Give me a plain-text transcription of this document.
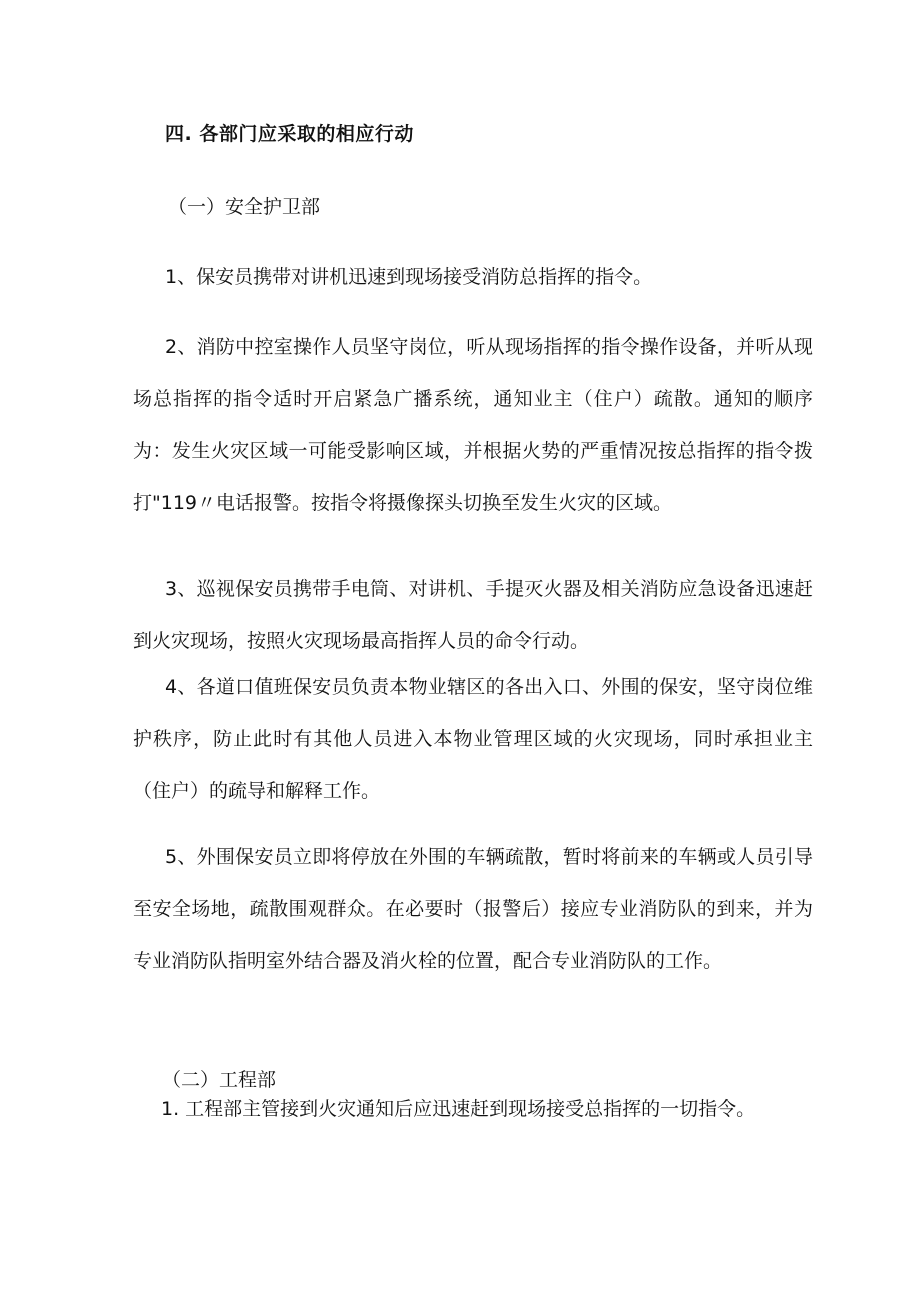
四. 各部门应采取的相应行动
（一）安全护卫部
1、保安员携带对讲机迅速到现场接受消防总指挥的指令。
2、消防中控室操作人员坚守岗位，听从现场指挥的指令操作设备，并听从现场总指挥的指令适时开启紧急广播系统，通知业主（住户）疏散。通知的顺序为：发生火灾区域一可能受影响区域，并根据火势的严重情况按总指挥的指令拨打"119〃电话报警。按指令将摄像探头切换至发生火灾的区域。
3、巡视保安员携带手电筒、对讲机、手提灭火器及相关消防应急设备迅速赶到火灾现场，按照火灾现场最高指挥人员的命令行动。
4、各道口值班保安员负责本物业辖区的各出入口、外围的保安，坚守岗位维护秩序，防止此时有其他人员进入本物业管理区域的火灾现场，同时承担业主（住户）的疏导和解释工作。
5、外围保安员立即将停放在外围的车辆疏散，暂时将前来的车辆或人员引导至安全场地，疏散围观群众。在必要时（报警后）接应专业消防队的到来，并为专业消防队指明室外结合器及消火栓的位置，配合专业消防队的工作。
（二）工程部
1. 工程部主管接到火灾通知后应迅速赶到现场接受总指挥的一切指令。
